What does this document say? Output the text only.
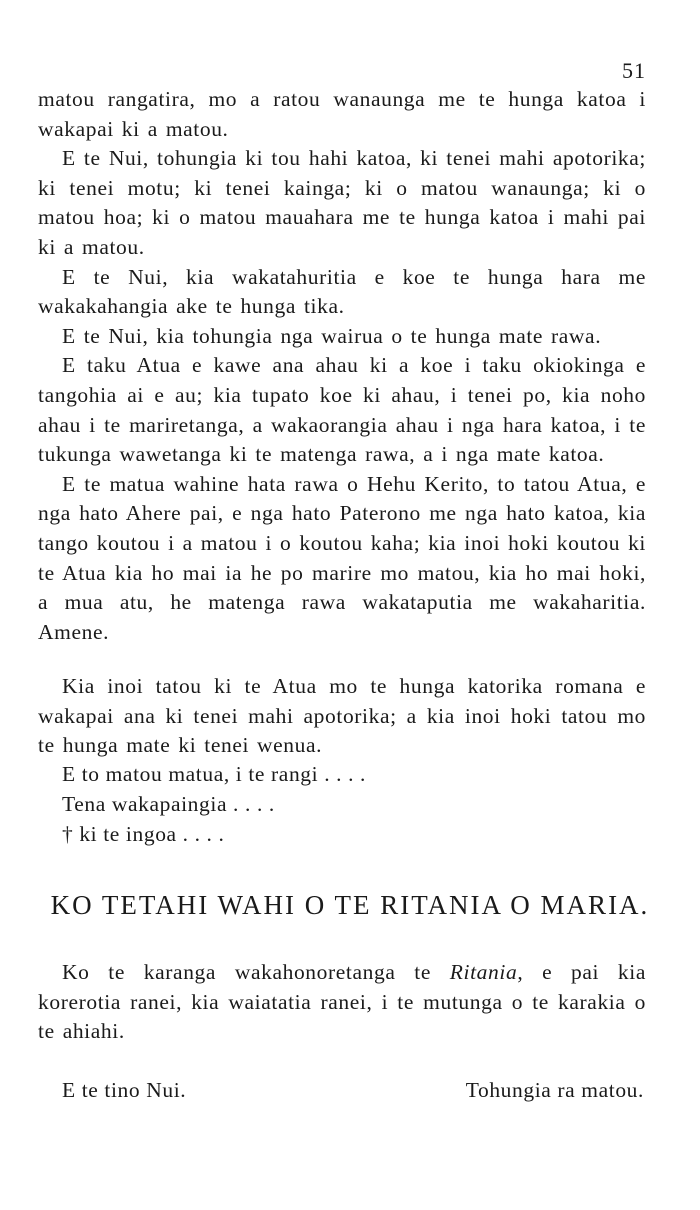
51

matou rangatira, mo a ratou wanaunga me te hunga katoa i wakapai ki a matou.

E te Nui, tohungia ki tou hahi katoa, ki tenei mahi apotorika; ki tenei motu; ki tenei kainga; ki o matou wanaunga; ki o matou hoa; ki o matou mauahara me te hunga katoa i mahi pai ki a matou.

E te Nui, kia wakatahuritia e koe te hunga hara me wakakahangia ake te hunga tika.

E te Nui, kia tohungia nga wairua o te hunga mate rawa.

E taku Atua e kawe ana ahau ki a koe i taku okiokinga e tangohia ai e au; kia tupato koe ki ahau, i tenei po, kia noho ahau i te mariretanga, a wakaorangia ahau i nga hara katoa, i te tukunga wawetanga ki te matenga rawa, a i nga mate katoa.

E te matua wahine hata rawa o Hehu Kerito, to tatou Atua, e nga hato Ahere pai, e nga hato Paterono me nga hato katoa, kia tango koutou i a matou i o koutou kaha; kia inoi hoki koutou ki te Atua kia ho mai ia he po marire mo matou, kia ho mai hoki, a mua atu, he matenga rawa wakataputia me wakaharitia. Amene.

Kia inoi tatou ki te Atua mo te hunga katorika romana e wakapai ana ki tenei mahi apotorika; a kia inoi hoki tatou mo te hunga mate ki tenei wenua.

E to matou matua, i te rangi . . . .
Tena wakapaingia . . . .
† ki te ingoa . . . .
KO TETAHI WAHI O TE RITANIA O MARIA.

Ko te karanga wakahonoretanga te Ritania, e pai kia korerotia ranei, kia waiatatia ranei, i te mutunga o te karakia o te ahiahi.

E te tino Nui.	Tohungia ra matou.
